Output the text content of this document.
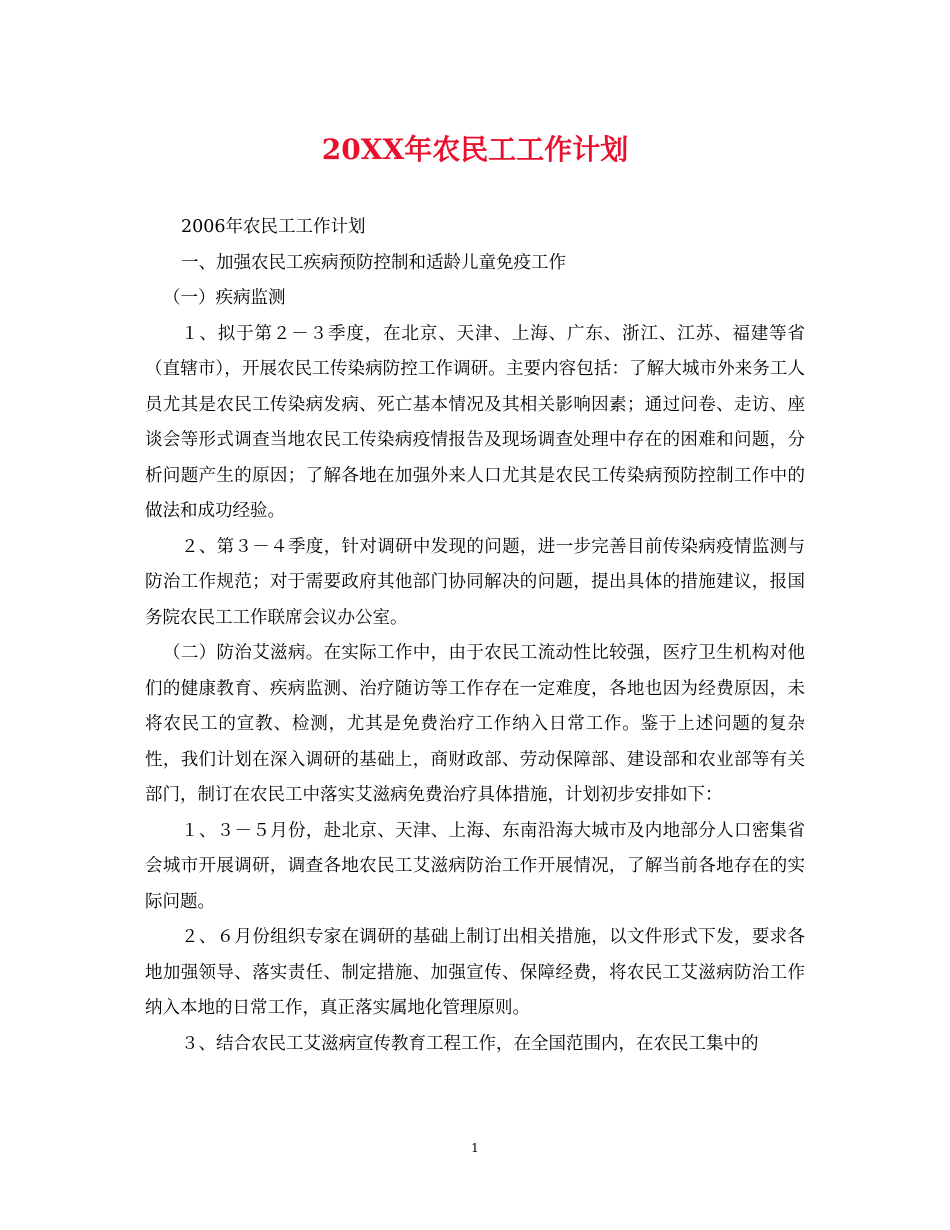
20XX年农民工工作计划

2006年农民工工作计划

一、加强农民工疾病预防控制和适龄儿童免疫工作

（一）疾病监测

１、拟于第２－３季度，在北京、天津、上海、广东、浙江、江苏、福建等省（直辖市），开展农民工传染病防控工作调研。主要内容包括：了解大城市外来务工人员尤其是农民工传染病发病、死亡基本情况及其相关影响因素；通过问卷、走访、座谈会等形式调查当地农民工传染病疫情报告及现场调查处理中存在的困难和问题，分析问题产生的原因；了解各地在加强外来人口尤其是农民工传染病预防控制工作中的做法和成功经验。

２、第３－４季度，针对调研中发现的问题，进一步完善目前传染病疫情监测与防治工作规范；对于需要政府其他部门协同解决的问题，提出具体的措施建议，报国务院农民工工作联席会议办公室。

（二）防治艾滋病。在实际工作中，由于农民工流动性比较强，医疗卫生机构对他们的健康教育、疾病监测、治疗随访等工作存在一定难度，各地也因为经费原因，未将农民工的宣教、检测，尤其是免费治疗工作纳入日常工作。鉴于上述问题的复杂性，我们计划在深入调研的基础上，商财政部、劳动保障部、建设部和农业部等有关部门，制订在农民工中落实艾滋病免费治疗具体措施，计划初步安排如下：

１、３－５月份，赴北京、天津、上海、东南沿海大城市及内地部分人口密集省会城市开展调研，调查各地农民工艾滋病防治工作开展情况，了解当前各地存在的实际问题。

２、６月份组织专家在调研的基础上制订出相关措施，以文件形式下发，要求各地加强领导、落实责任、制定措施、加强宣传、保障经费，将农民工艾滋病防治工作纳入本地的日常工作，真正落实属地化管理原则。

３、结合农民工艾滋病宣传教育工程工作，在全国范围内，在农民工集中的

1
